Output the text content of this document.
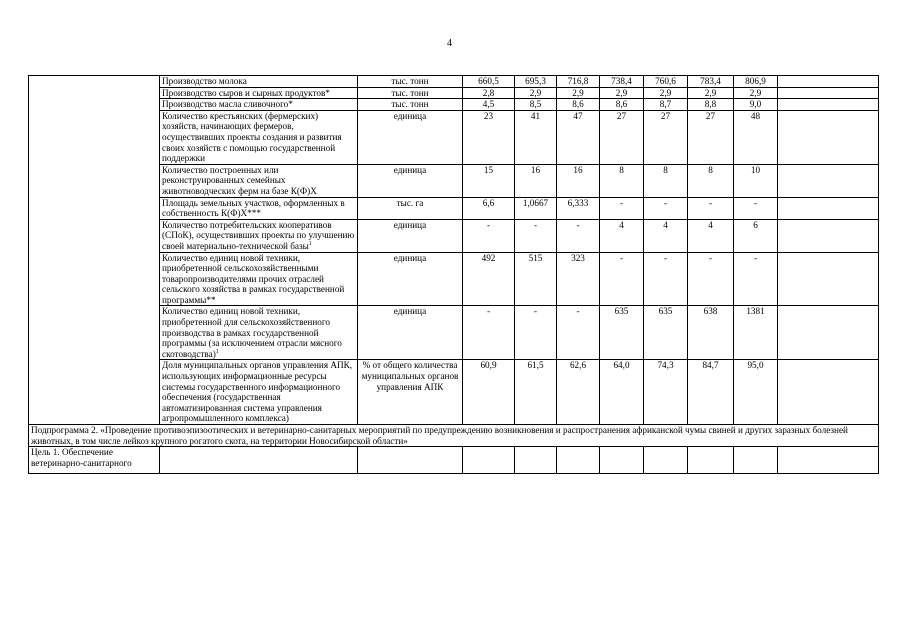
4
	Производство молока	тыс. тонн	660,5	695,3	716,8	738,4	760,6	783,4	806,9	
	Производство сыров и сырных продуктов*	тыс. тонн	2,8	2,9	2,9	2,9	2,9	2,9	2,9	
	Производство масла сливочного*	тыс. тонн	4,5	8,5	8,6	8,6	8,7	8,8	9,0	
	Количество крестьянских (фермерских) хозяйств, начинающих фермеров, осуществивших проекты создания и развития своих хозяйств с помощью государственной поддержки	единица	23	41	47	27	27	27	48	
	Количество построенных или реконструированных семейных животноводческих ферм на базе К(Ф)Х	единица	15	16	16	8	8	8	10	
	Площадь земельных участков, оформленных в собственность К(Ф)Х***	тыс. га	6,6	1,0667	6,333	-	-	-	-	
	Количество потребительских кооперативов (СПоК), осуществивших проекты по улучшению своей материально-технической базы$^1$	единица	-	-	-	4	4	4	6	
	Количество единиц новой техники, приобретенной сельскохозяйственными товаропроизводителями прочих отраслей сельского хозяйства в рамках государственной программы**	единица	492	515	323	-	-	-	-	
	Количество единиц новой техники, приобретенной для сельскохозяйственного производства в рамках государственной программы (за исключением отрасли мясного скотоводства)$^1$	единица	-	-	-	635	635	638	1381	
	Доля муниципальных органов управления АПК, использующих информационные ресурсы системы государственного информационного обеспечения (государственная автоматизированная система управления агропромышленного комплекса)	% от общего количества муниципальных органов управления АПК	60,9	61,5	62,6	64,0	74,3	84,7	95,0	
Подпрограмма 2. «Проведение противоэпизоотических и ветеринарно-санитарных мероприятий по предупреждению возникновения и распространения африканской чумы свиней и других заразных болезней животных, в том числе лейкоз крупного рогатого скота, на территории Новосибирской области»										
Цель 1. Обеспечение ветеринарно-санитарного										
